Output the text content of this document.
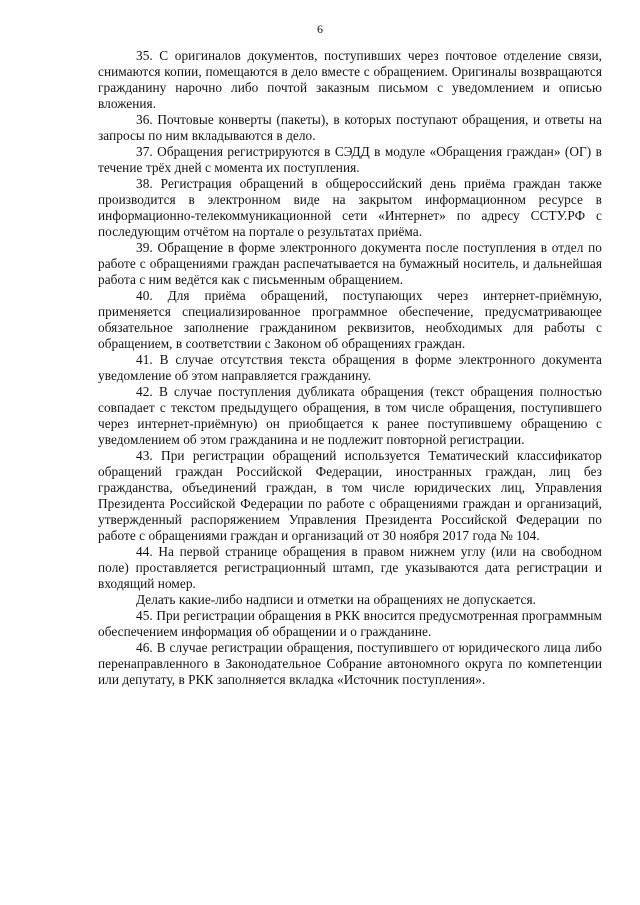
6

35. С оригиналов документов, поступивших через почтовое отделение связи, снимаются копии, помещаются в дело вместе с обращением. Оригиналы возвращаются гражданину нарочно либо почтой заказным письмом с уведомлением и описью вложения.

36. Почтовые конверты (пакеты), в которых поступают обращения, и ответы на запросы по ним вкладываются в дело.

37. Обращения регистрируются в СЭДД в модуле «Обращения граждан» (ОГ) в течение трёх дней с момента их поступления.

38. Регистрация обращений в общероссийский день приёма граждан также производится в электронном виде на закрытом информационном ресурсе в информационно-телекоммуникационной сети «Интернет» по адресу ССТУ.РФ с последующим отчётом на портале о результатах приёма.

39. Обращение в форме электронного документа после поступления в отдел по работе с обращениями граждан распечатывается на бумажный носитель, и дальнейшая работа с ним ведётся как с письменным обращением.

40. Для приёма обращений, поступающих через интернет-приёмную, применяется специализированное программное обеспечение, предусматривающее обязательное заполнение гражданином реквизитов, необходимых для работы с обращением, в соответствии с Законом об обращениях граждан.

41. В случае отсутствия текста обращения в форме электронного документа уведомление об этом направляется гражданину.

42. В случае поступления дубликата обращения (текст обращения полностью совпадает с текстом предыдущего обращения, в том числе обращения, поступившего через интернет-приёмную) он приобщается к ранее поступившему обращению с уведомлением об этом гражданина и не подлежит повторной регистрации.

43. При регистрации обращений используется Тематический классификатор обращений граждан Российской Федерации, иностранных граждан, лиц без гражданства, объединений граждан, в том числе юридических лиц, Управления Президента Российской Федерации по работе с обращениями граждан и организаций, утвержденный распоряжением Управления Президента Российской Федерации по работе с обращениями граждан и организаций от 30 ноября 2017 года № 104.

44. На первой странице обращения в правом нижнем углу (или на свободном поле) проставляется регистрационный штамп, где указываются дата регистрации и входящий номер.

Делать какие-либо надписи и отметки на обращениях не допускается.

45. При регистрации обращения в РКК вносится предусмотренная программным обеспечением информация об обращении и о гражданине.

46. В случае регистрации обращения, поступившего от юридического лица либо перенаправленного в Законодательное Собрание автономного округа по компетенции или депутату, в РКК заполняется вкладка «Источник поступления».
